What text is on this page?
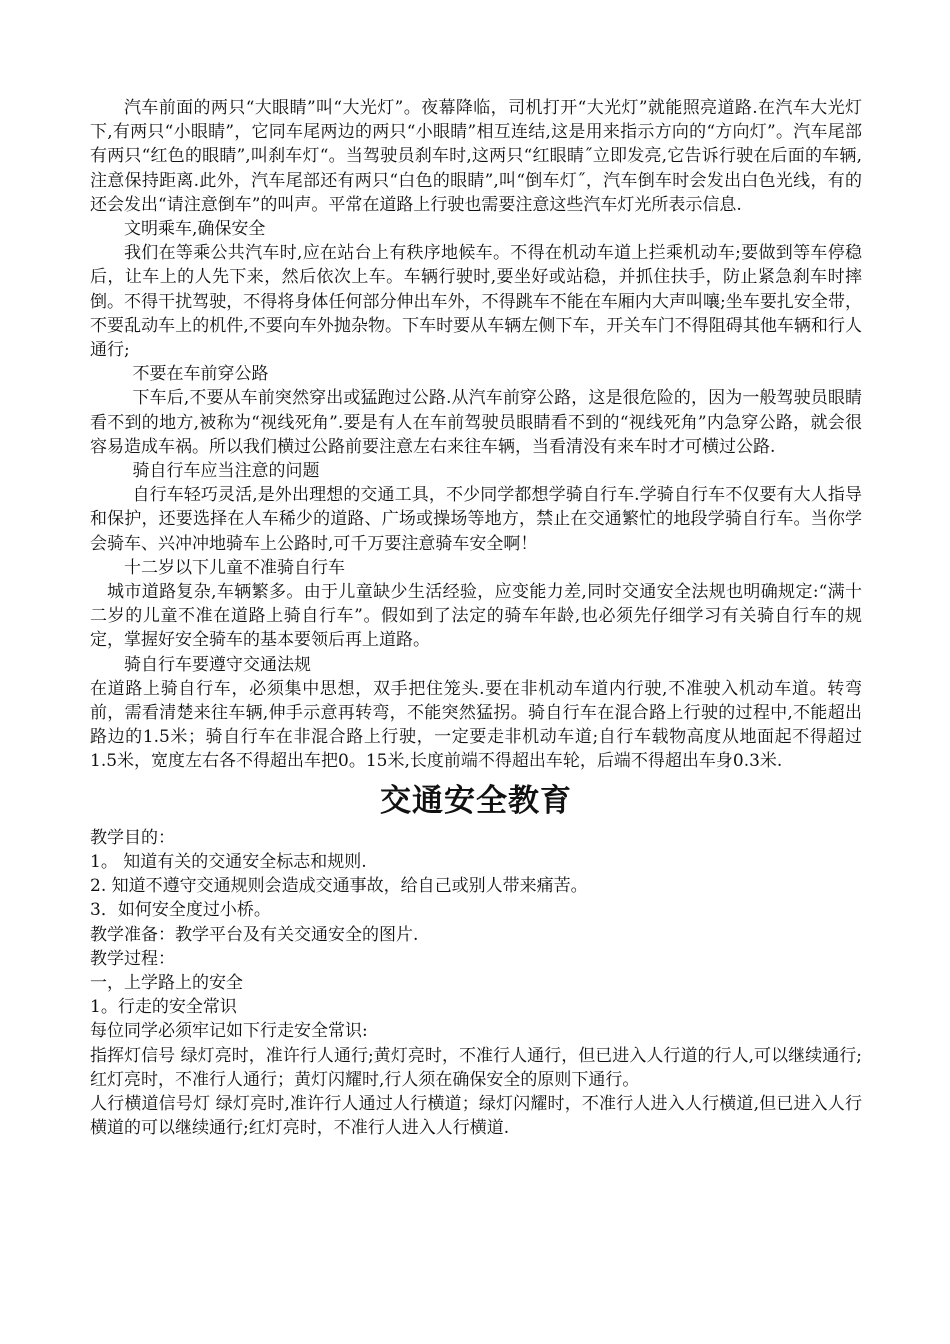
汽车前面的两只“大眼睛”叫“大光灯”。夜幕降临，司机打开“大光灯”就能照亮道路.在汽车大光灯下,有两只“小眼睛”，它同车尾两边的两只“小眼睛”相互连结,这是用来指示方向的“方向灯”。汽车尾部有两只“红色的眼睛”,叫刹车灯“。当驾驶员刹车时,这两只“红眼睛˝立即发亮,它告诉行驶在后面的车辆,注意保持距离.此外，汽车尾部还有两只“白色的眼睛”,叫“倒车灯˝，汽车倒车时会发出白色光线，有的还会发出“请注意倒车”的叫声。平常在道路上行驶也需要注意这些汽车灯光所表示信息.

文明乘车,确保安全

我们在等乘公共汽车时,应在站台上有秩序地候车。不得在机动车道上拦乘机动车;要做到等车停稳后，让车上的人先下来，然后依次上车。车辆行驶时,要坐好或站稳，并抓住扶手，防止紧急刹车时摔倒。不得干扰驾驶，不得将身体任何部分伸出车外，不得跳车不能在车厢内大声叫嚷;坐车要扎安全带，不要乱动车上的机件,不要向车外抛杂物。下车时要从车辆左侧下车，开关车门不得阻碍其他车辆和行人通行;

不要在车前穿公路

下车后,不要从车前突然穿出或猛跑过公路.从汽车前穿公路，这是很危险的，因为一般驾驶员眼睛看不到的地方,被称为“视线死角”.要是有人在车前驾驶员眼睛看不到的“视线死角”内急穿公路，就会很容易造成车祸。所以我们横过公路前要注意左右来往车辆，当看清没有来车时才可横过公路.

骑自行车应当注意的问题

自行车轻巧灵活,是外出理想的交通工具，不少同学都想学骑自行车.学骑自行车不仅要有大人指导和保护，还要选择在人车稀少的道路、广场或操场等地方，禁止在交通繁忙的地段学骑自行车。当你学会骑车、兴冲冲地骑车上公路时,可千万要注意骑车安全啊！

十二岁以下儿童不准骑自行车

城市道路复杂,车辆繁多。由于儿童缺少生活经验，应变能力差,同时交通安全法规也明确规定:“满十二岁的儿童不准在道路上骑自行车”。假如到了法定的骑车年龄,也必须先仔细学习有关骑自行车的规定，掌握好安全骑车的基本要领后再上道路。

骑自行车要遵守交通法规

在道路上骑自行车，必须集中思想，双手把住笼头.要在非机动车道内行驶,不准驶入机动车道。转弯前，需看清楚来往车辆,伸手示意再转弯，不能突然猛拐。骑自行车在混合路上行驶的过程中,不能超出路边的1.5米；骑自行车在非混合路上行驶，一定要走非机动车道;自行车载物高度从地面起不得超过1.5米，宽度左右各不得超出车把0。15米,长度前端不得超出车轮，后端不得超出车身0.3米.

交通安全教育

教学目的：

1。 知道有关的交通安全标志和规则.

2. 知道不遵守交通规则会造成交通事故，给自己或别人带来痛苦。

3．如何安全度过小桥。

教学准备：教学平台及有关交通安全的图片.

教学过程：

一，上学路上的安全

1。行走的安全常识

每位同学必须牢记如下行走安全常识:

指挥灯信号 绿灯亮时，准许行人通行;黄灯亮时，不准行人通行，但已进入人行道的行人,可以继续通行;红灯亮时，不准行人通行；黄灯闪耀时,行人须在确保安全的原则下通行。

人行横道信号灯 绿灯亮时,准许行人通过人行横道；绿灯闪耀时，不准行人进入人行横道,但已进入人行横道的可以继续通行;红灯亮时，不准行人进入人行横道.
